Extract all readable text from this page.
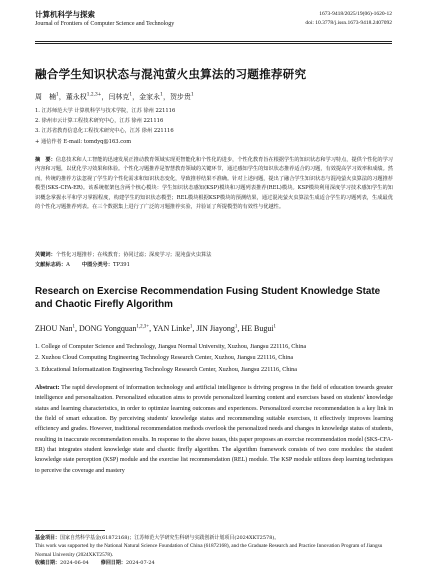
计算机科学与探索
Journal of Frontiers of Computer Science and Technology
1673-9418/2025/19(06)-1620-12
doi: 10.3778/j.issn.1673-9418.2407092
融合学生知识状态与混沌萤火虫算法的习题推荐研究
周　楠$^1$，董永权$^{1,2,3+}$，闫林克$^1$，金家永$^1$，贺步贵$^1$
1. 江苏师范大学 计算机科学与技术学院，江苏 徐州 221116
2. 徐州市云计算工程技术研究中心，江苏 徐州 221116
3. 江苏省教育信息化工程技术研究中心，江苏 徐州 221116
+ 通信作者 E-mail: tomdyq@163.com
摘　要：信息技术和人工智能的迅速发展正推动教育领域实现更智能化和个性化的进步，个性化教育旨在根据学生的知识状态和学习特点，提供个性化的学习内容和习题，以优化学习效果和体验。个性化习题推荐是智慧教育领域的关键环节，通过感知学生的知识状态推荐适合的习题，有效提高学习效率和成绩。然而，传统的推荐方法忽视了学生的个性化需求和知识状态变化，导致推荐结果不准确。针对上述问题，提出了融合学生知识状态与混沌萤火虫算法的习题推荐模型(SKS-CFA-ER)。该系统框架包含两个核心模块：学生知识状态感知(KSP)模块和习题列表推荐(REL)模块。KSP模块利用深度学习技术感知学生的知识概念掌握水平和学习掌握程度，构建学生的知识状态模型；REL模块根据KSP模块的预测结果，通过混沌萤火虫算法生成适合学生的习题列表，生成最优的个性化习题推荐列表。在三个数据集上进行了广泛的习题推荐实验，并验证了所提模型的有效性与优越性。
关键词：个性化习题推荐；在线教育；协同过滤；深度学习；混沌萤火虫算法
文献标志码：A 中图分类号：TP391
Research on Exercise Recommendation Fusing Student Knowledge State and Chaotic Firefly Algorithm
ZHOU Nan$^1$, DONG Yongquan$^{1,2,3+}$, YAN Linke$^1$, JIN Jiayong$^1$, HE Bugui$^1$
1. College of Computer Science and Technology, Jiangsu Normal University, Xuzhou, Jiangsu 221116, China
2. Xuzhou Cloud Computing Engineering Technology Research Center, Xuzhou, Jiangsu 221116, China
3. Educational Informatization Engineering Technology Research Center, Xuzhou, Jiangsu 221116, China
Abstract: The rapid development of information technology and artificial intelligence is driving progress in the field of education towards greater intelligence and personalization. Personalized education aims to provide personalized learning content and exercises based on students' knowledge status and learning characteristics, in order to optimize learning outcomes and experiences. Personalized exercise recommendation is a key link in the field of smart education. By perceiving students' knowledge status and recommending suitable exercises, it effectively improves learning efficiency and grades. However, traditional recommendation methods overlook the personalized needs and changes in knowledge status of students, resulting in inaccurate recommendation results. In response to the above issues, this paper proposes an exercise recommendation model (SKS-CFA-ER) that integrates student knowledge state and chaotic firefly algorithm. The algorithm framework consists of two core modules: the student knowledge state perception (KSP) module and the exercise list recommendation (REL) module. The KSP module utilizes deep learning techniques to perceive the coverage and mastery
基金项目：国家自然科学基金(61872168)；江苏师范大学研究生科研与实践创新计划项目(2024XKT2578)。
This work was supported by the National Natural Science Foundation of China (61872168), and the Graduate Research and Practice Innovation Program of Jiangsu Normal University (2024XKT2578).
收稿日期：2024-06-04 修回日期：2024-07-24
